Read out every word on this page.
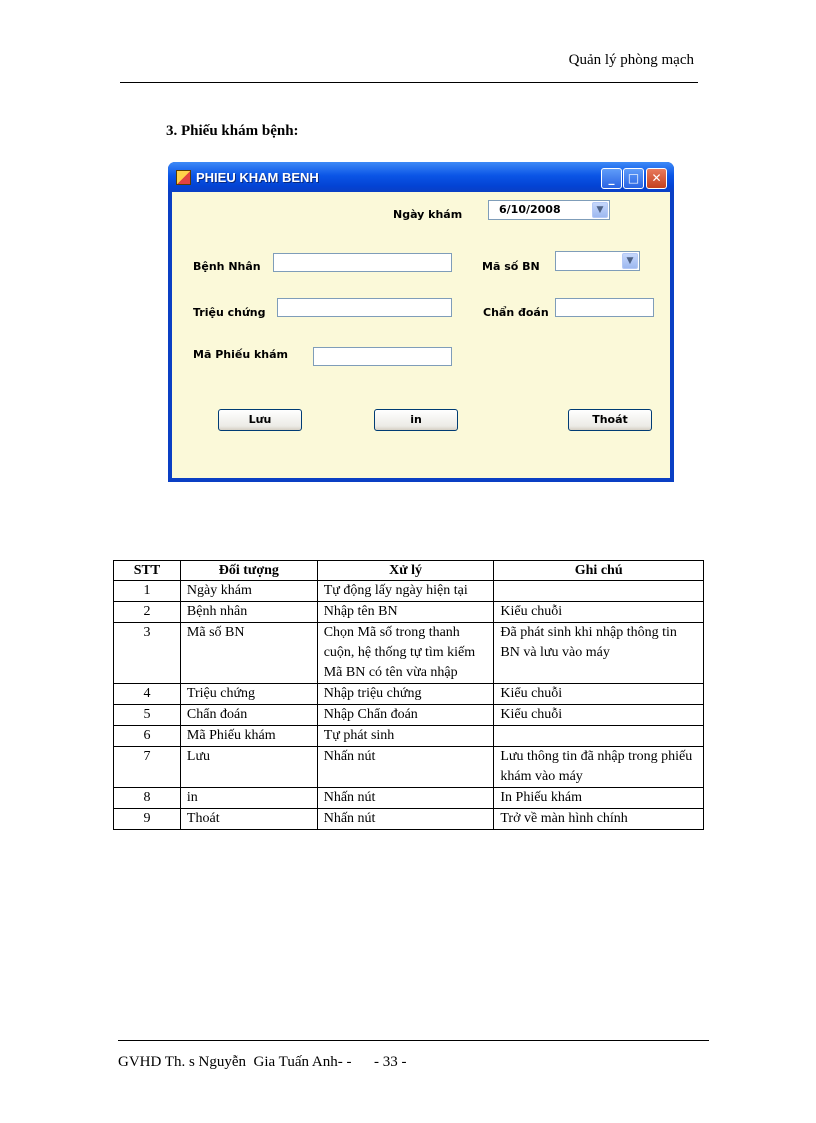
Quản lý phòng mạch
3. Phiếu khám bệnh:
PHIEU KHAM BENH	_	□	✕
Ngày khám	6/10/2008	▼
Bệnh Nhân	Mã số BN	▼
Triệu chứng	Chẩn đoán
Mã Phiếu khám
Lưu	in	Thoát
STT	Đối tượng	Xử lý	Ghi chú
1	Ngày khám	Tự động lấy ngày hiện tại	
2	Bệnh nhân	Nhập tên BN	Kiểu chuỗi
3	Mã số BN	Chọn Mã số trong thanh cuộn, hệ thống tự tìm kiếm Mã BN có tên vừa nhập	Đã phát sinh khi nhập thông tin BN và lưu vào máy
4	Triệu chứng	Nhập triệu chứng	Kiểu chuỗi
5	Chẩn đoán	Nhập Chẩn đoán	Kiểu chuỗi
6	Mã Phiếu khám	Tự phát sinh	
7	Lưu	Nhấn nút	Lưu thông tin đã nhập trong phiếu khám vào máy
8	in	Nhấn nút	In Phiếu khám
9	Thoát	Nhấn nút	Trở về màn hình chính
GVHD Th. s Nguyễn  Gia Tuấn Anh- -      - 33 -
